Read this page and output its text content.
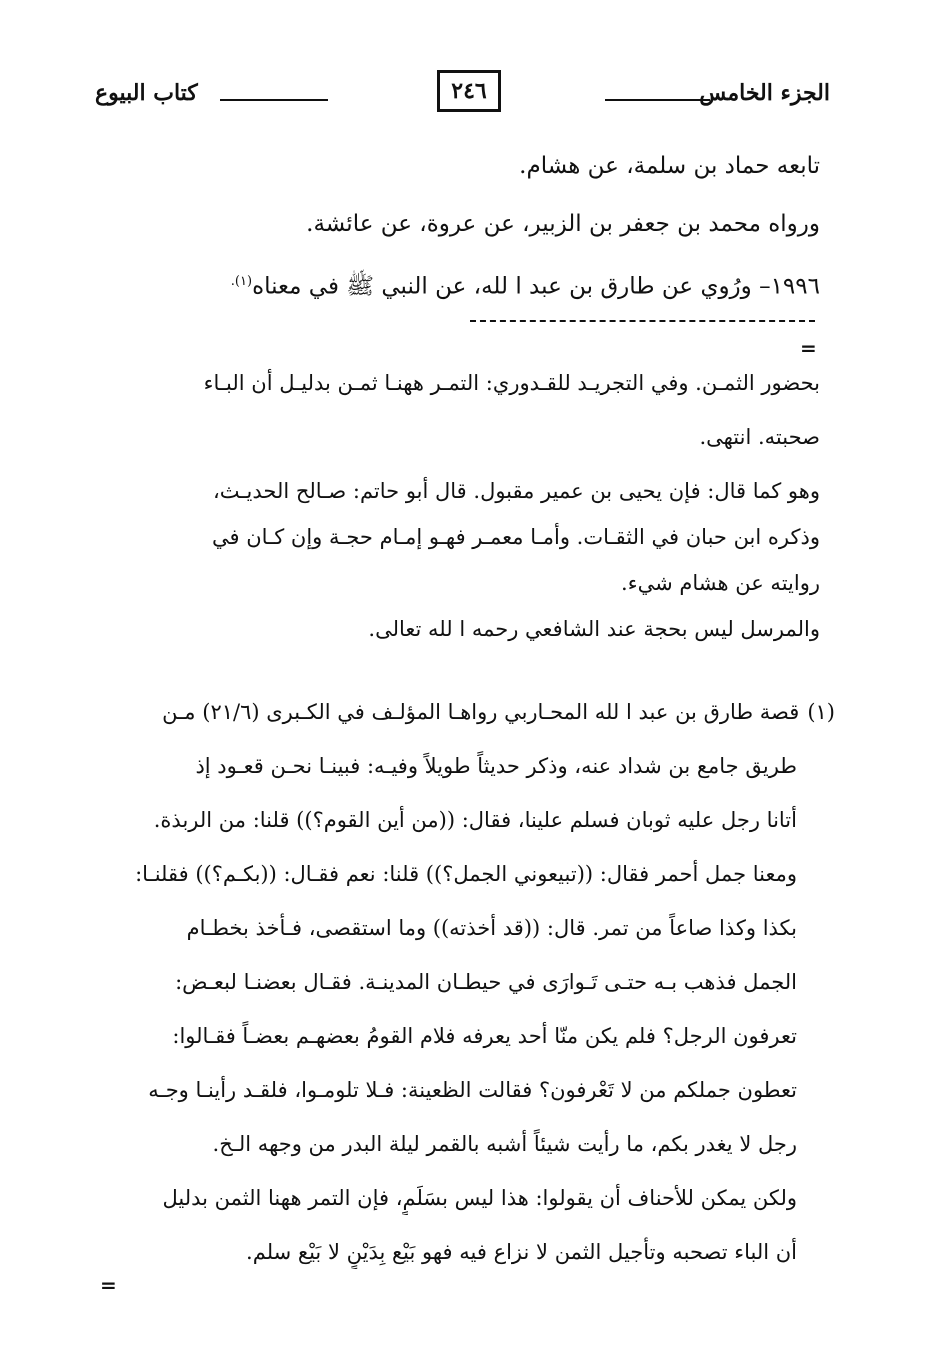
الجزء الخامس
٢٤٦
كتاب البيوع
تابعه حماد بن سلمة، عن هشام.
ورواه محمد بن جعفر بن الزبير، عن عروة، عن عائشة.
١٩٩٦– ورُوي عن طارق بن عبد ا لله، عن النبي ﷺ في معناه$^{(١).}$
=
بحضور الثمـن. وفي التجريـد للقـدوري: التمـر ههنـا ثمـن بدليـل أن البـاء
صحبته. انتهى.
وهو كما قال: فإن يحيى بن عمير مقبول. قال أبو حاتم: صـالح الحديـث،
وذكره ابن حبان في الثقـات. وأمـا معمـر فهـو إمـام حجـة وإن كـان في
روايته عن هشام شيء.
والمرسل ليس بحجة عند الشافعي رحمه ا لله تعالى.
(١)قصة طارق بن عبد ا لله المحـاربي رواهـا المؤلـف في الكـبرى (٢١/٦) مـن
طريق جامع بن شداد عنه، وذكر حديثاً طويلاً وفيـه: فبينـا نحـن قعـود إذ
أتانا رجل عليه ثوبان فسلم علينا، فقال: ((من أين القوم؟)) قلنا: من الربذة.
ومعنا جمل أحمر فقال: ((تبيعوني الجمل؟)) قلنا: نعم فقـال: ((بكـم؟)) فقلنـا:
بكذا وكذا صاعاً من تمر. قال: ((قد أخذته)) وما استقصى، فـأخذ بخطـام
الجمل فذهب بـه حتـى تَـوارَى في حيطـان المدينـة. فقـال بعضنـا لبعـض:
تعرفون الرجل؟ فلم يكن منّا أحد يعرفه فلام القومُ بعضهـم بعضـاً فقـالوا:
تعطون جملكم من لا تَعْرفون؟ فقالت الظعينة: فـلا تلومـوا، فلقـد رأينـا وجـه
رجل لا يغدر بكم، ما رأيت شيئاً أشبه بالقمر ليلة البدر من وجهه الـخ.
ولكن يمكن للأحناف أن يقولوا: هذا ليس بسَلَمٍ، فإن التمر ههنا الثمن بدليل
أن الباء تصحبه وتأجيل الثمن لا نزاع فيه فهو بَيْع بِدَيْنٍ لا بَيْع سلم.
=
